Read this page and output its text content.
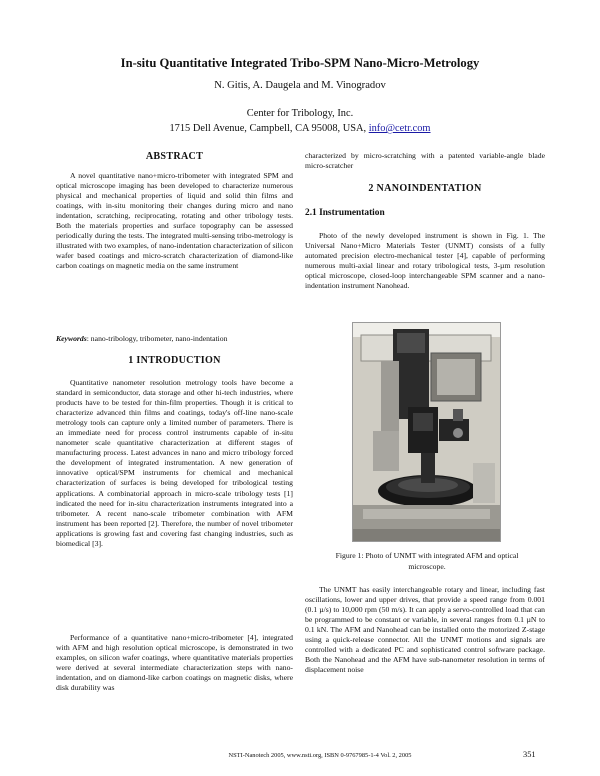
In-situ Quantitative Integrated Tribo-SPM Nano-Micro-Metrology
N. Gitis, A. Daugela and M. Vinogradov
Center for Tribology, Inc.
1715 Dell Avenue, Campbell, CA 95008, USA, info@cetr.com
ABSTRACT

A novel quantitative nano+micro-tribometer with integrated SPM and optical microscope imaging has been developed to characterize numerous physical and mechanical properties of liquid and solid thin films and coatings, with in-situ monitoring their changes during micro and nano indentation, scratching, reciprocating, rotating and other tribology tests. Both the materials properties and surface topography can be assessed periodically during the tests. The integrated multi-sensing tribo-metrology is illustrated with two examples, of nano-indentation characterization of silicon wafer based coatings and micro-scratch characterization of diamond-like carbon coatings on magnetic media on the same instrument

Keywords: nano-tribology, tribometer, nano-indentation
1 INTRODUCTION

Quantitative nanometer resolution metrology tools have become a standard in semiconductor, data storage and other hi-tech industries, where products have to be tested for thin-film properties. Though it is critical to characterize advanced thin films and coatings, today's off-line nano-scale metrology tools can capture only a limited number of parameters. There is an immediate need for process control instruments capable of in-situ nanometer scale quantitative characterization at different stages of manufacturing process. Latest advances in nano and micro tribology forced the development of integrated instrumentation. A new generation of innovative optical/SPM instruments for chemical and mechanical characterization of surfaces is being developed for tribological testing applications. A combinatorial approach in micro-scale tribology tests [1] indicated the need for in-situ characterization instruments integrated into a tribometer. A recent nano-scale tribometer combination with AFM instrument has been reported [2]. Therefore, the number of novel tribometer applications is growing fast and covering fast changing industries, such as biomedical [3].

Performance of a quantitative nano+micro-tribometer [4], integrated with AFM and high resolution optical microscope, is demonstrated in two examples, on silicon wafer coatings, where quantitative materials properties were derived at several intermediate characterization steps with nano-indentation, and on diamond-like carbon coatings on magnetic disks, where disk durability was

characterized by micro-scratching with a patented variable-angle blade micro-scratcher

2 NANOINDENTATION
2.1 Instrumentation

Photo of the newly developed instrument is shown in Fig. 1. The Universal Nano+Micro Materials Tester (UNMT) consists of a fully automated precision electro-mechanical tester [4], capable of performing numerous multi-axial linear and rotary tribological tests, 3-µm resolution optical microscope, closed-loop interchangeable SPM scanner and a nano-indentation instrument Nanohead.

Figure 1: Photo of UNMT with integrated AFM and optical microscope.

The UNMT has easily interchangeable rotary and linear, including fast oscillations, lower and upper drives, that provide a speed range from 0.001 (0.1 µ/s) to 10,000 rpm (50 m/s). It can apply a servo-controlled load that can be programmed to be constant or variable, in several ranges from 0.1 µN to 0.1 kN. The AFM and Nanohead can be installed onto the motorized Z-stage using a quick-release connector. All the UNMT motions and signals are controlled with a dedicated PC and sophisticated control software package. Both the Nanohead and the AFM have sub-nanometer resolution in terms of displacement noise

NSTI-Nanotech 2005, www.nsti.org, ISBN 0-9767985-1-4 Vol. 2, 2005	351
